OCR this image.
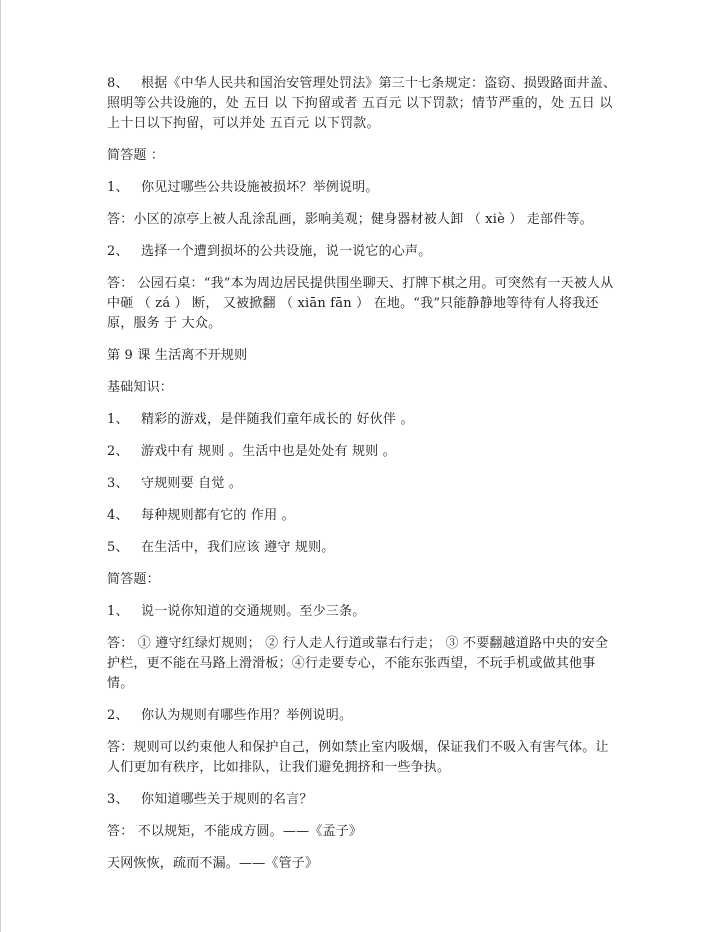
8、 根据《中华人民共和国治安管理处罚法》第三十七条规定：盗窃、损毁路面井盖、照明等公共设施的，处 五日 以 下拘留或者 五百元 以下罚款；情节严重的，处 五日 以上十日以下拘留，可以并处 五百元 以下罚款。

简答题 ：

1、 你见过哪些公共设施被损坏？举例说明。

答：小区的凉亭上被人乱涂乱画，影响美观；健身器材被人卸 （ xiè ） 走部件等。

2、 选择一个遭到损坏的公共设施，说一说它的心声。

答： 公园石桌：“我”本为周边居民提供围坐聊天、打牌下棋之用。可突然有一天被人从中砸 （ zá ） 断， 又被掀翻 （ xiān fān ） 在地。“我”只能静静地等待有人将我还原，服务 于 大众。

第 9 课 生活离不开规则

基础知识：

1、 精彩的游戏，是伴随我们童年成长的 好伙伴 。

2、 游戏中有 规则 。生活中也是处处有 规则 。

3、 守规则要 自觉 。

4、 每种规则都有它的 作用 。

5、 在生活中，我们应该 遵守 规则。

简答题：

1、 说一说你知道的交通规则。至少三条。

答： ① 遵守红绿灯规则； ② 行人走人行道或靠右行走； ③ 不要翻越道路中央的安全护栏，更不能在马路上滑滑板；④行走要专心，不能东张西望，不玩手机或做其他事情。

2、 你认为规则有哪些作用？举例说明。

答：规则可以约束他人和保护自己，例如禁止室内吸烟，保证我们不吸入有害气体。让人们更加有秩序，比如排队，让我们避免拥挤和一些争执。

3、 你知道哪些关于规则的名言？

答： 不以规矩，不能成方圆。——《孟子》

天网恢恢，疏而不漏。——《管子》
